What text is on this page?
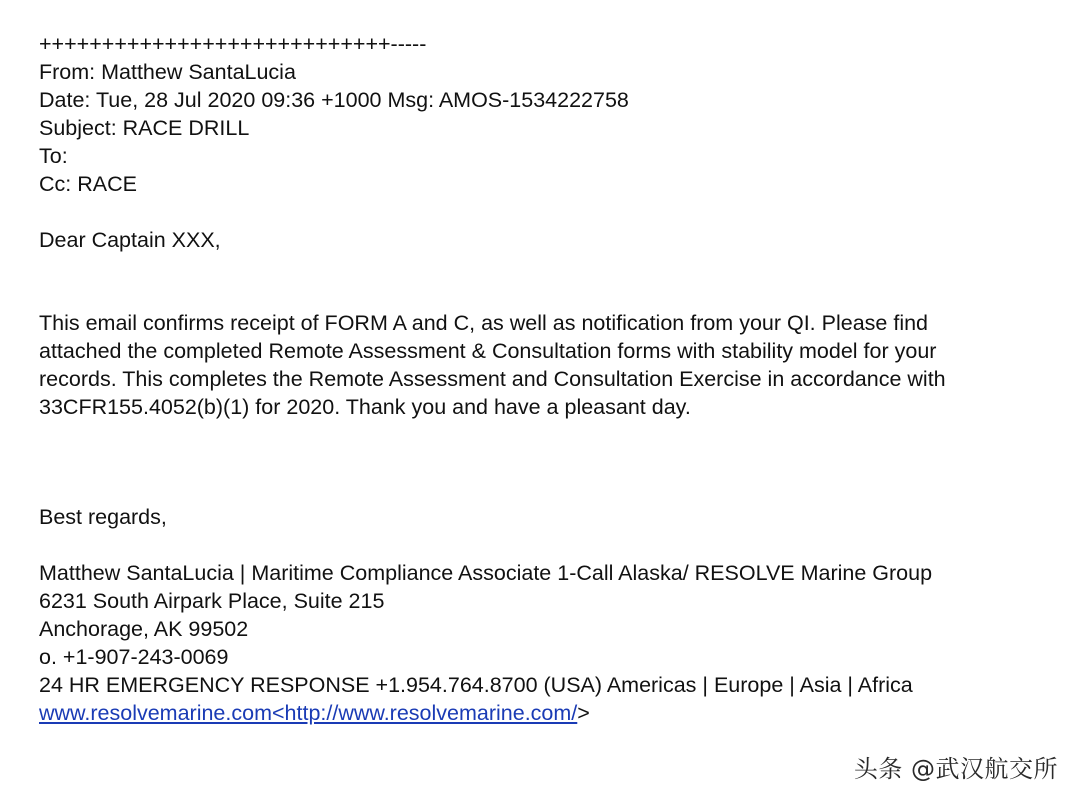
++++++++++++++++++++++++++++-----
From: Matthew SantaLucia
Date: Tue, 28 Jul 2020 09:36 +1000 Msg: AMOS-1534222758
Subject: RACE DRILL
To:
Cc: RACE
Dear Captain XXX,
This email confirms receipt of FORM A and C, as well as notification from your QI. Please find
attached the completed Remote Assessment & Consultation forms with stability model for your
records. This completes the Remote Assessment and Consultation Exercise in accordance with
33CFR155.4052(b)(1) for 2020. Thank you and have a pleasant day.
Best regards,
Matthew SantaLucia | Maritime Compliance Associate 1-Call Alaska/ RESOLVE Marine Group
6231 South Airpark Place, Suite 215
Anchorage, AK 99502
o. +1-907-243-0069
24 HR EMERGENCY RESPONSE +1.954.764.8700 (USA) Americas | Europe | Asia | Africa
www.resolvemarine.com<http://www.resolvemarine.com/>
头条 @武汉航交所
